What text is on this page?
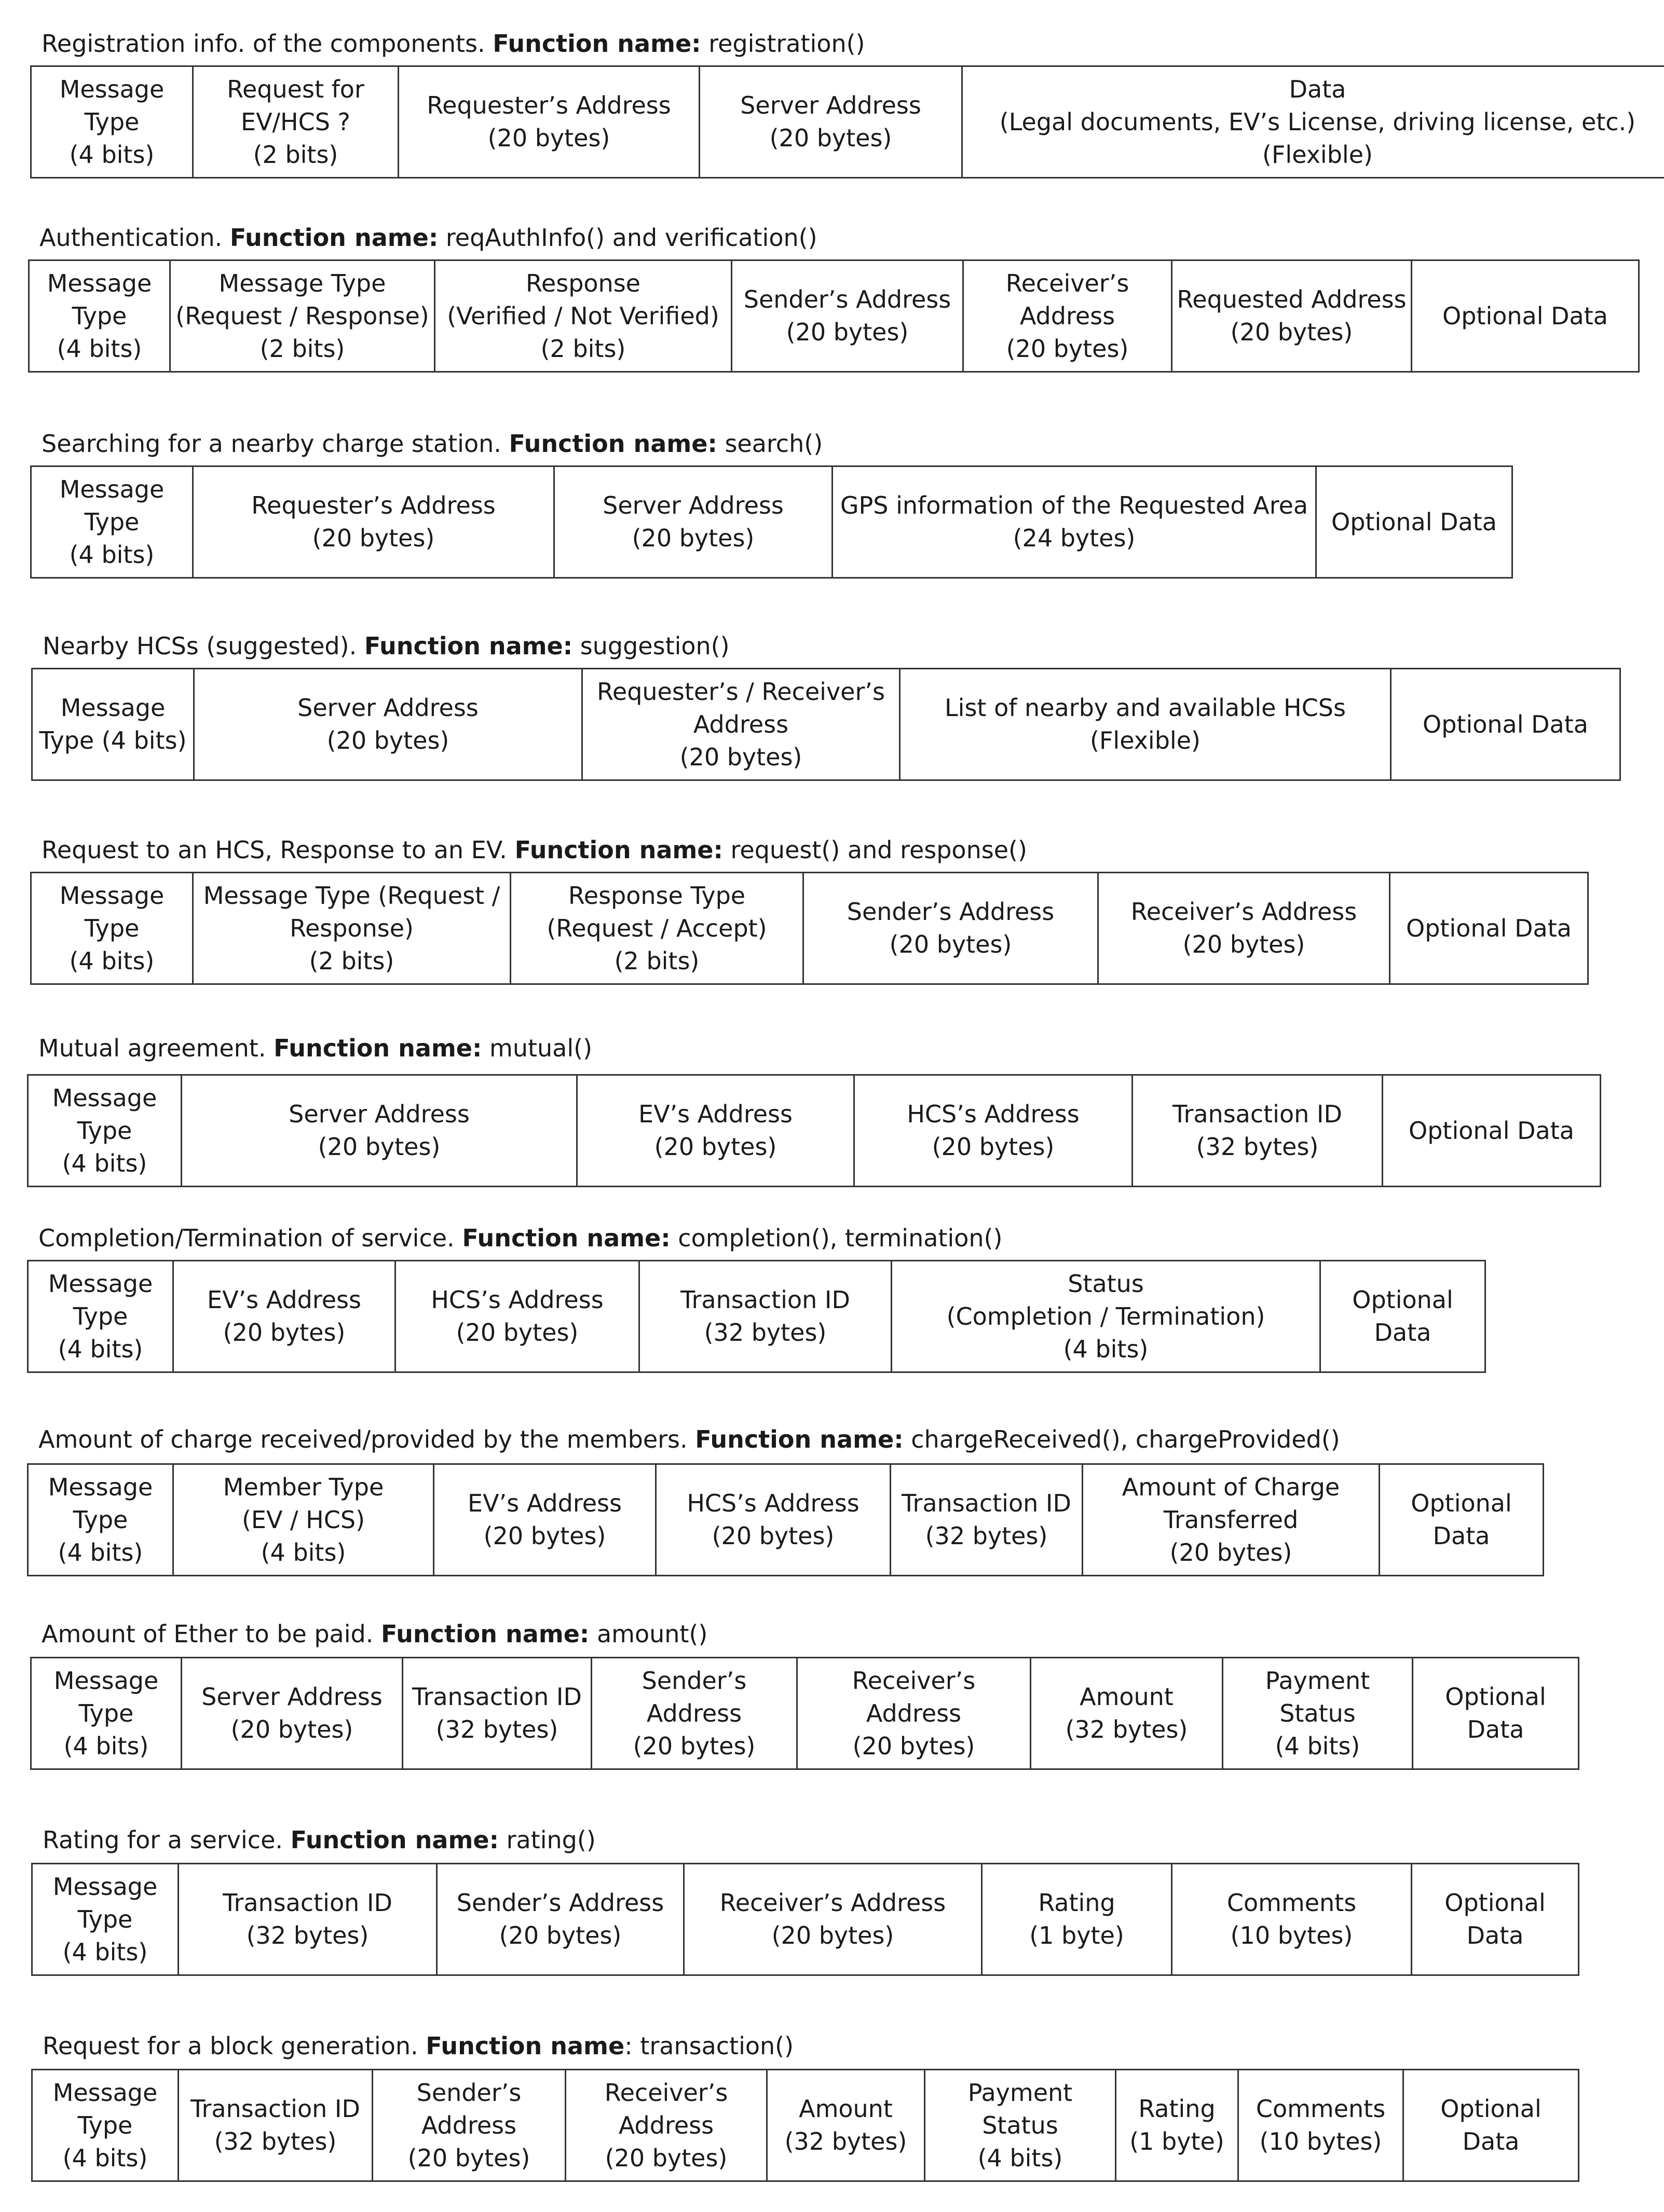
Registration info. of the components. Function name: registration()
Message
Type
(4 bits)	Request for
EV/HCS ?
(2 bits)	Requester’s Address
(20 bytes)	Server Address
(20 bytes)	Data
(Legal documents, EV’s License, driving license, etc.)
(Flexible)
Authentication. Function name: reqAuthInfo() and verification()
Message
Type
(4 bits)	Message Type
(Request / Response)
(2 bits)	Response
(Verified / Not Verified)
(2 bits)	Sender’s Address
(20 bytes)	Receiver’s
Address
(20 bytes)	Requested Address
(20 bytes)	Optional Data
Searching for a nearby charge station. Function name: search()
Message
Type
(4 bits)	Requester’s Address
(20 bytes)	Server Address
(20 bytes)	GPS information of the Requested Area
(24 bytes)	Optional Data
Nearby HCSs (suggested). Function name: suggestion()
Message
Type (4 bits)	Server Address
(20 bytes)	Requester’s / Receiver’s
Address
(20 bytes)	List of nearby and available HCSs
(Flexible)	Optional Data
Request to an HCS, Response to an EV. Function name: request() and response()
Message
Type
(4 bits)	Message Type (Request /
Response)
(2 bits)	Response Type
(Request / Accept)
(2 bits)	Sender’s Address
(20 bytes)	Receiver’s Address
(20 bytes)	Optional Data
Mutual agreement. Function name: mutual()
Message
Type
(4 bits)	Server Address
(20 bytes)	EV’s Address
(20 bytes)	HCS’s Address
(20 bytes)	Transaction ID
(32 bytes)	Optional Data
Completion/Termination of service. Function name: completion(), termination()
Message
Type
(4 bits)	EV’s Address
(20 bytes)	HCS’s Address
(20 bytes)	Transaction ID
(32 bytes)	Status
(Completion / Termination)
(4 bits)	Optional
Data
Amount of charge received/provided by the members. Function name: chargeReceived(), chargeProvided()
Message
Type
(4 bits)	Member Type
(EV / HCS)
(4 bits)	EV’s Address
(20 bytes)	HCS’s Address
(20 bytes)	Transaction ID
(32 bytes)	Amount of Charge
Transferred
(20 bytes)	Optional
Data
Amount of Ether to be paid. Function name: amount()
Message
Type
(4 bits)	Server Address
(20 bytes)	Transaction ID
(32 bytes)	Sender’s
Address
(20 bytes)	Receiver’s
Address
(20 bytes)	Amount
(32 bytes)	Payment
Status
(4 bits)	Optional
Data
Rating for a service. Function name: rating()
Message
Type
(4 bits)	Transaction ID
(32 bytes)	Sender’s Address
(20 bytes)	Receiver’s Address
(20 bytes)	Rating
(1 byte)	Comments
(10 bytes)	Optional
Data
Request for a block generation. Function name: transaction()
Message
Type
(4 bits)	Transaction ID
(32 bytes)	Sender’s
Address
(20 bytes)	Receiver’s
Address
(20 bytes)	Amount
(32 bytes)	Payment
Status
(4 bits)	Rating
(1 byte)	Comments
(10 bytes)	Optional
Data
